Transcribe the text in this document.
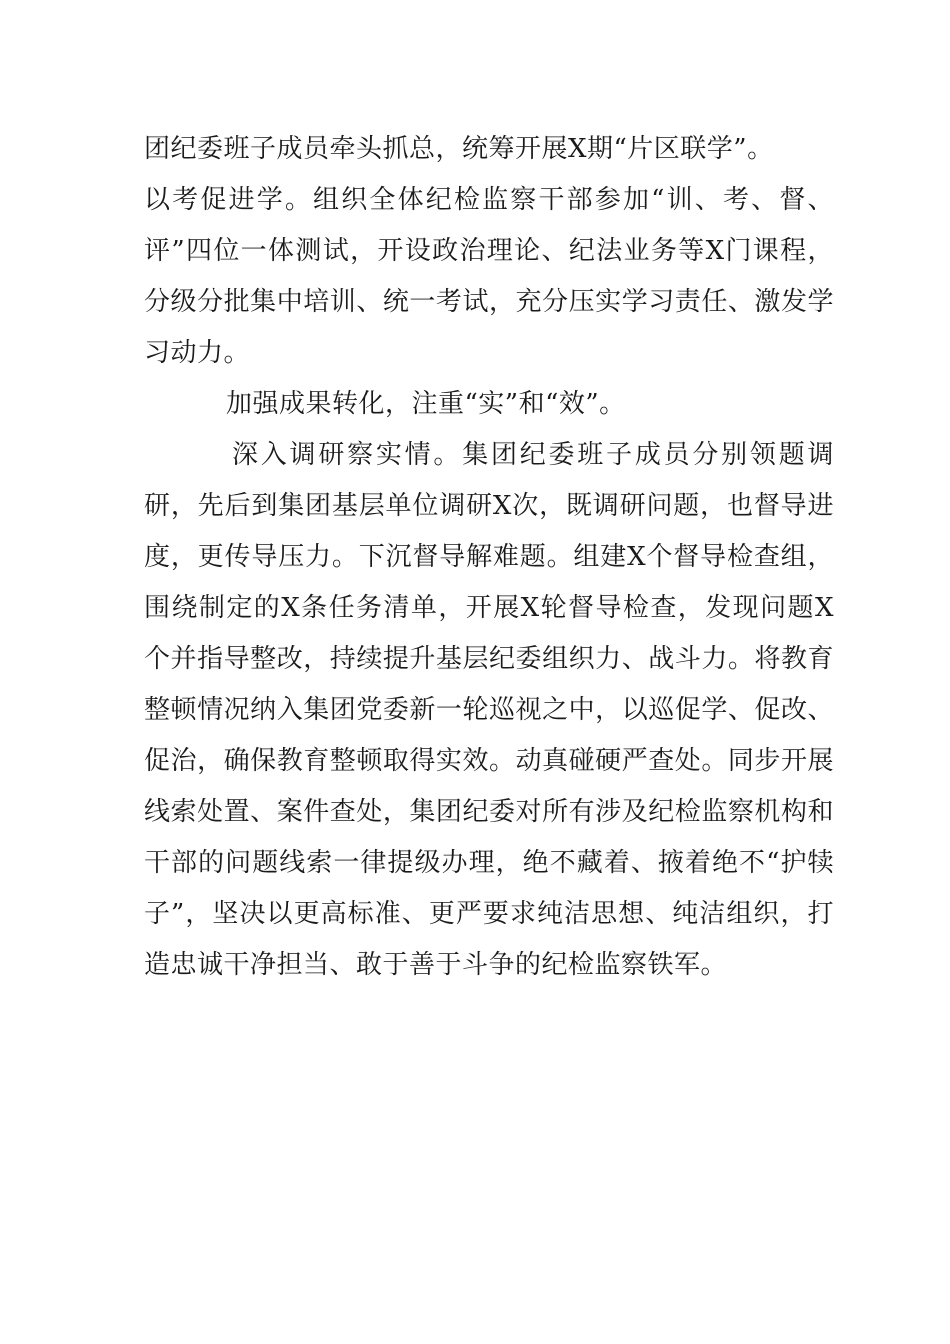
团纪委班子成员牵头抓总，统筹开展X期“片区联学”。

以考促进学。组织全体纪检监察干部参加“训、考、督、评”四位一体测试，开设政治理论、纪法业务等X门课程，分级分批集中培训、统一考试，充分压实学习责任、激发学习动力。

加强成果转化，注重“实”和“效”。

深入调研察实情。集团纪委班子成员分别领题调研，先后到集团基层单位调研X次，既调研问题，也督导进度，更传导压力。下沉督导解难题。组建X个督导检查组，围绕制定的X条任务清单，开展X轮督导检查，发现问题X个并指导整改，持续提升基层纪委组织力、战斗力。将教育整顿情况纳入集团党委新一轮巡视之中，以巡促学、促改、促治，确保教育整顿取得实效。动真碰硬严查处。同步开展线索处置、案件查处，集团纪委对所有涉及纪检监察机构和干部的问题线索一律提级办理，绝不藏着、掖着绝不“护犊子”，坚决以更高标准、更严要求纯洁思想、纯洁组织，打造忠诚干净担当、敢于善于斗争的纪检监察铁军。
